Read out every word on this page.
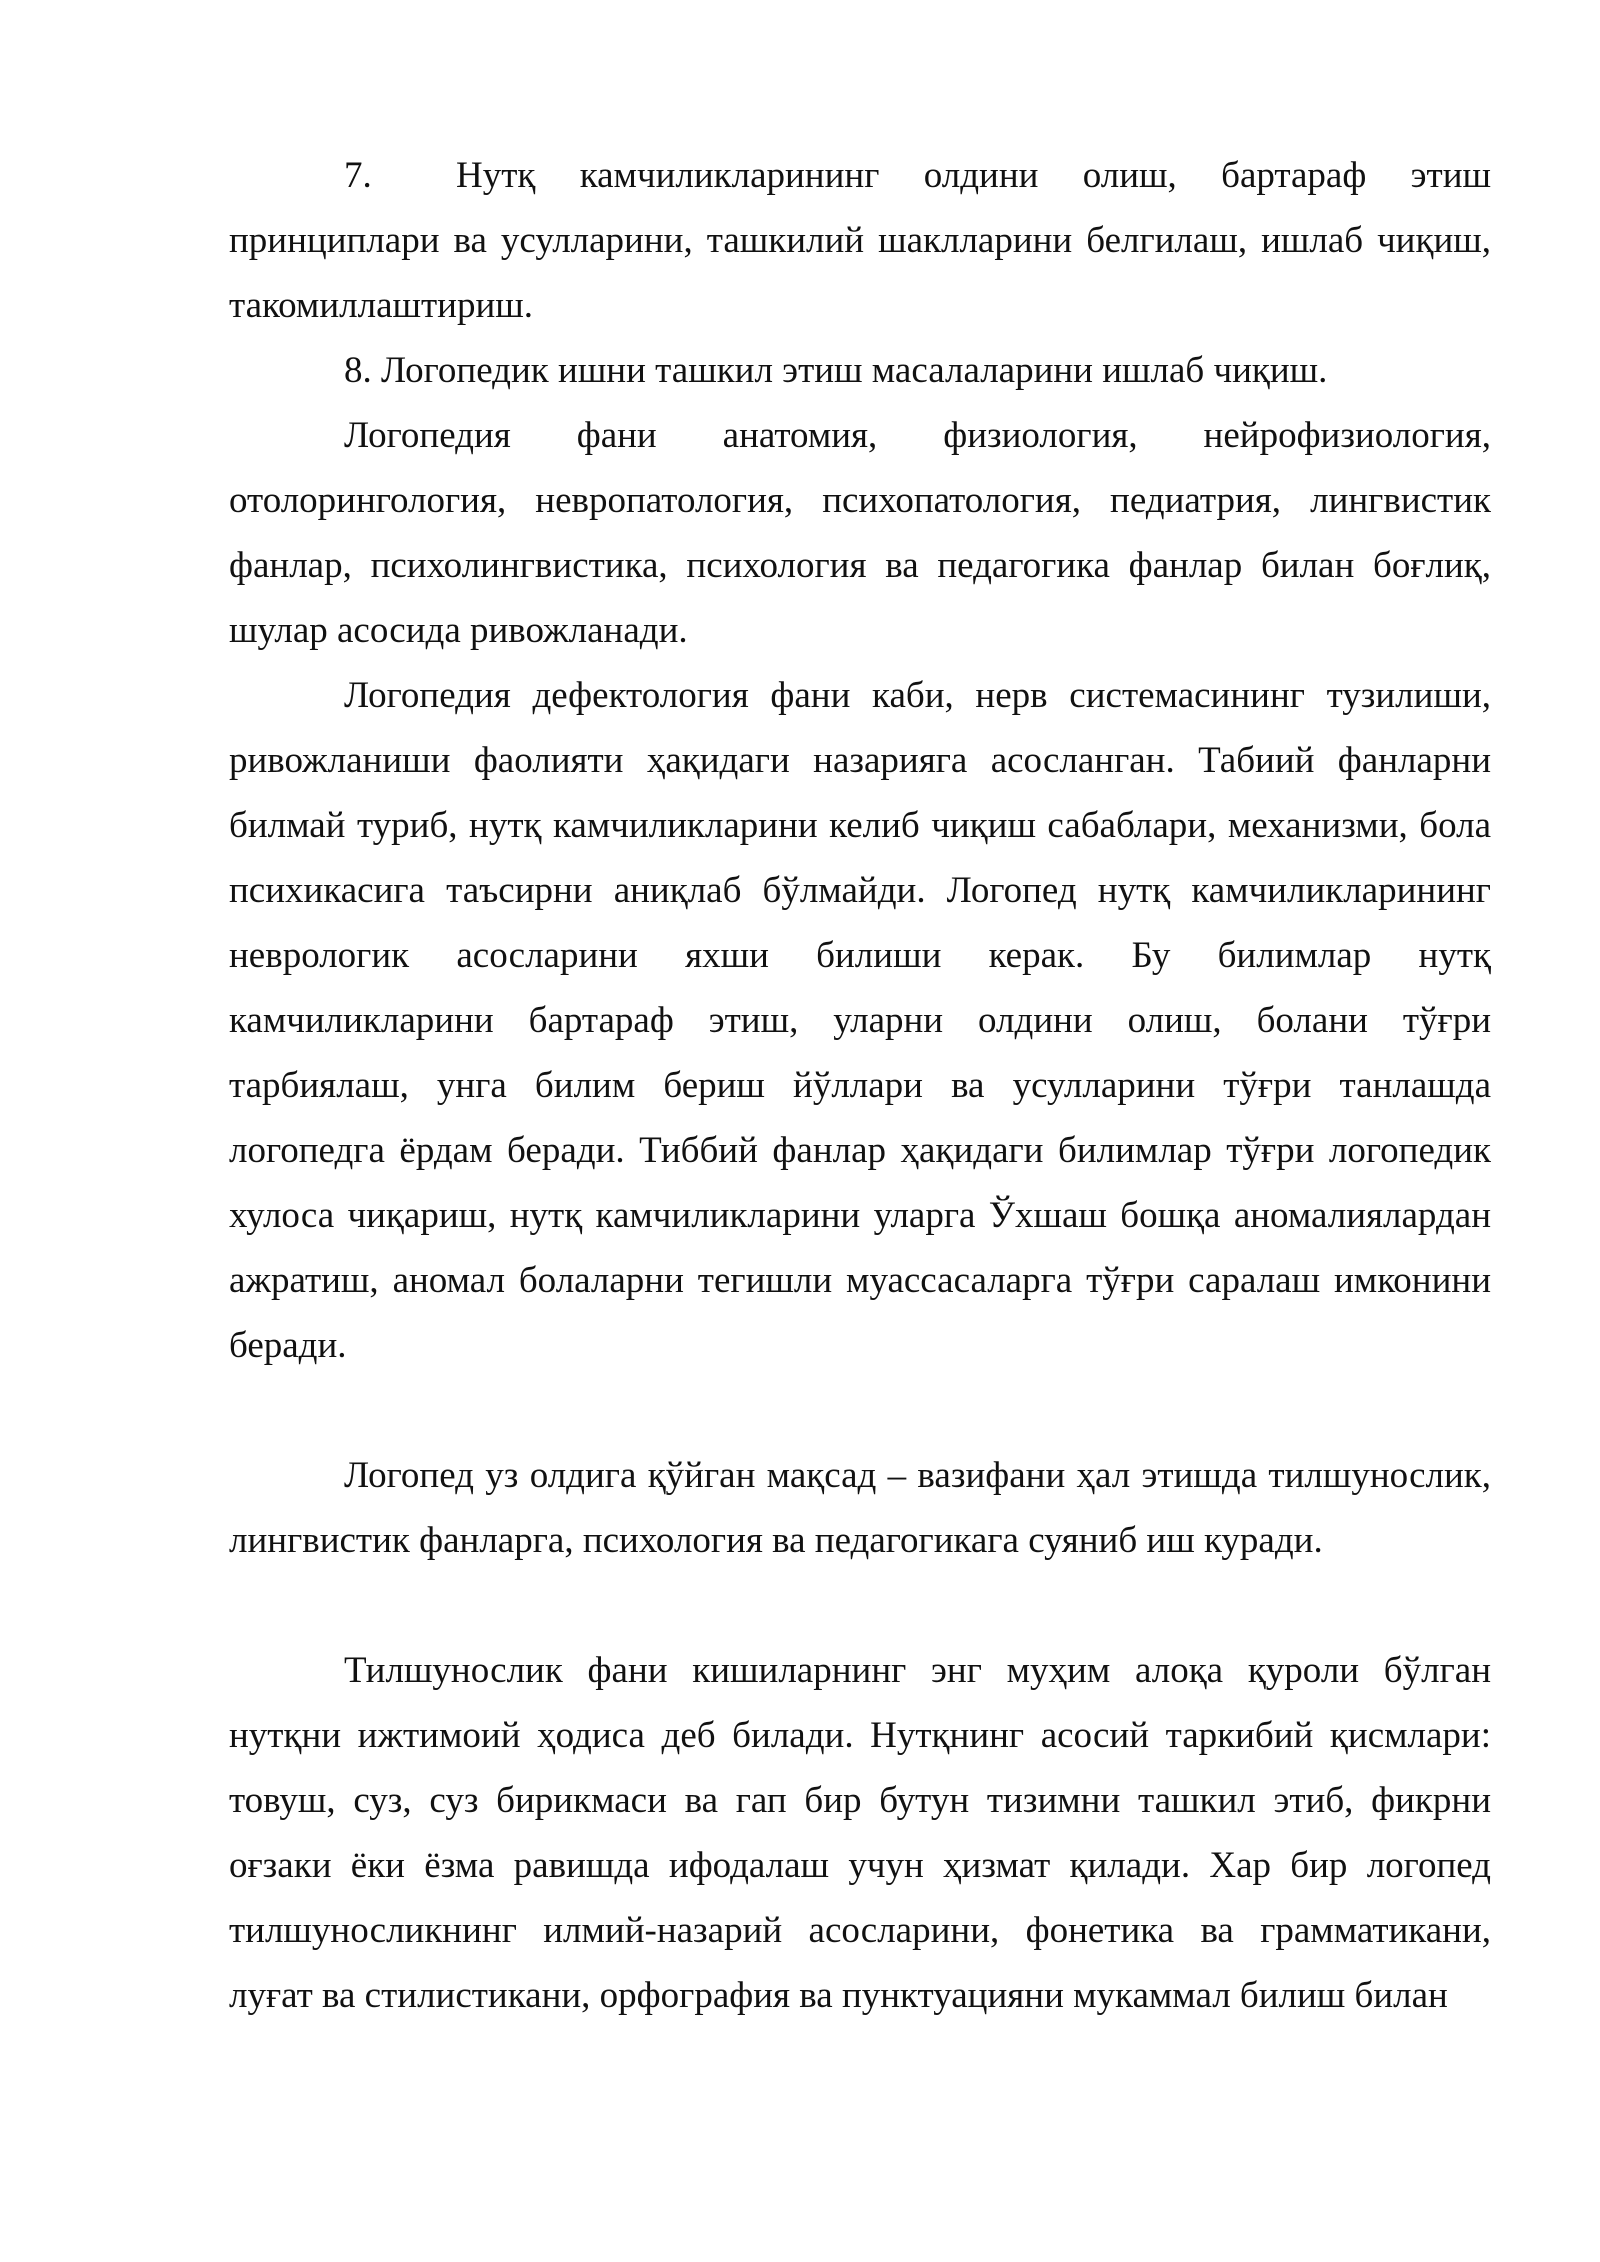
7. Нутқ камчиликларининг олдини олиш, бартараф этиш принциплари ва усулларини, ташкилий шаклларини белгилаш, ишлаб чиқиш, такомиллаштириш.

8. Логопедик ишни ташкил этиш масалаларини ишлаб чиқиш.

Логопедия фани анатомия, физиология, нейрофизиология, отолорингология, невропатология, психопатология, педиатрия, лингвистик фанлар, психолингвистика, психология ва педагогика фанлар билан боғлиқ, шулар асосида ривожланади.

Логопедия дефектология фани каби, нерв системасининг тузилиши, ривожланиши фаолияти ҳақидаги назарияга асосланган. Табиий фанларни билмай туриб, нутқ камчиликларини келиб чиқиш сабаблари, механизми, бола психикасига таъсирни аниқлаб бўлмайди. Логопед нутқ камчиликларининг неврологик асосларини яхши билиши керак. Бу билимлар нутқ камчиликларини бартараф этиш, уларни олдини олиш, болани тўғри тарбиялаш, унга билим бериш йўллари ва усулларини тўғри танлашда логопедга ёрдам беради. Тиббий фанлар ҳақидаги билимлар тўғри логопедик хулоса чиқариш, нутқ камчиликларини уларга Ўхшаш бошқа аномалиялардан ажратиш, аномал болаларни тегишли муассасаларга тўғри саралаш имконини беради.

Логопед уз олдига қўйган мақсад – вазифани ҳал этишда тилшунослик, лингвистик фанларга, психология ва педагогикага суяниб иш куради.

Тилшунослик фани кишиларнинг энг муҳим алоқа қуроли бўлган нутқни ижтимоий ҳодиса деб билади. Нутқнинг асосий таркибий қисмлари: товуш, суз, суз бирикмаси ва гап бир бутун тизимни ташкил этиб, фикрни оғзаки ёки ёзма равишда ифодалаш учун ҳизмат қилади. Хар бир логопед тилшуносликнинг илмий-назарий асосларини, фонетика ва грамматикани, луғат ва стилистикани, орфография ва пунктуацияни мукаммал билиш билан
